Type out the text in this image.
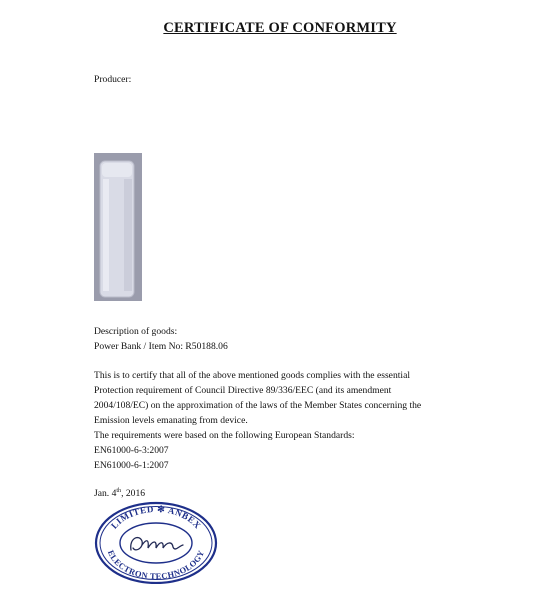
CERTIFICATE OF CONFORMITY
Producer:
Description of goods:
Power Bank / Item No: R50188.06
This is to certify that all of the above mentioned goods complies with the essential
Protection requirement of Council Directive 89/336/EEC (and its amendment
2004/108/EC) on the approximation of the laws of the Member States concerning the
Emission levels emanating from device.
The requirements were based on the following European Standards:
EN61000-6-3:2007
EN61000-6-1:2007
Jan. 4th, 2016
LIMITED ✻ ANBEX
ELECTRON TECHNOLOGY
